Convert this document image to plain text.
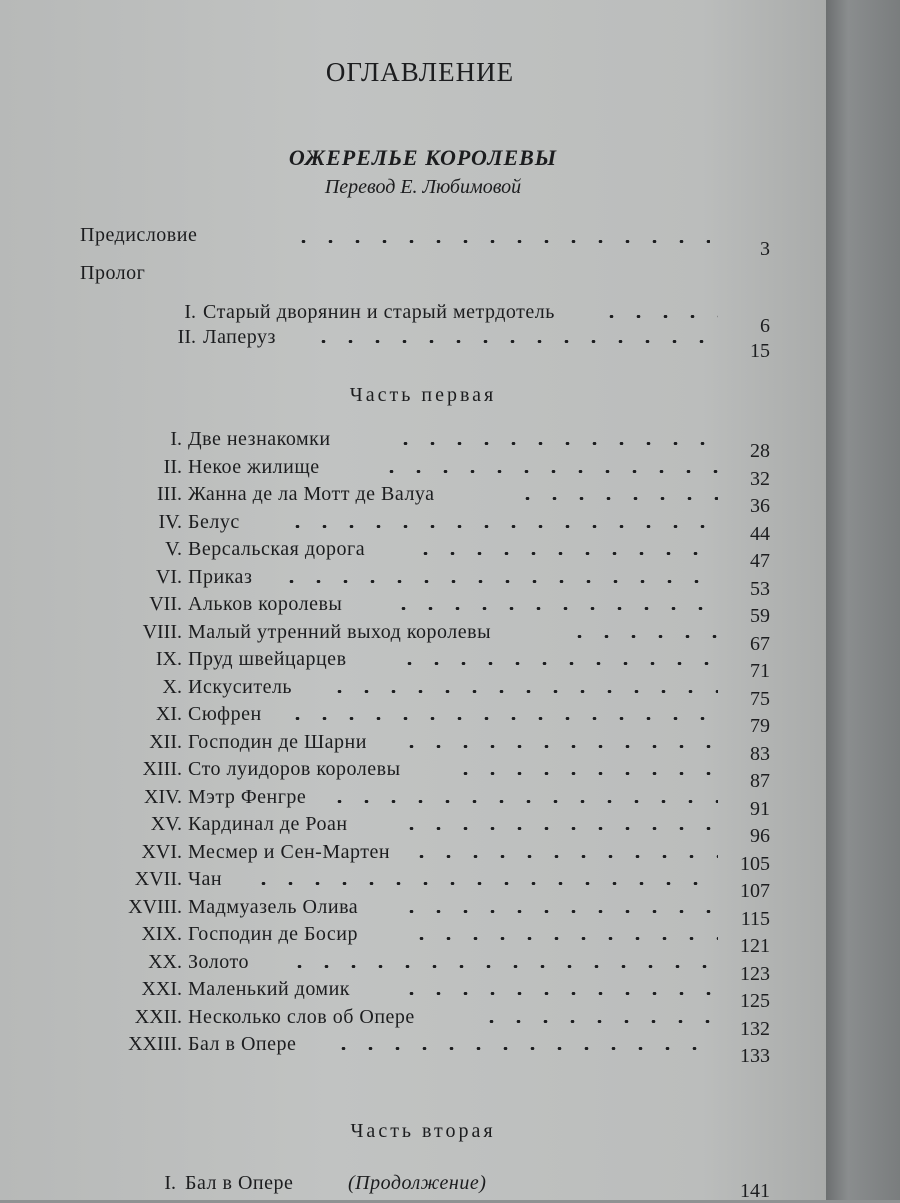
ОГЛАВЛЕНИЕ
ОЖЕРЕЛЬЕ КОРОЛЕВЫ
Перевод Е. Любимовой
Предисловие
3
Пролог
I. Старый дворянин и старый метрдотель
6
II. Лаперуз
15
Часть первая
I. Две незнакомки
28
II. Некое жилище
32
III. Жанна де ла Мотт де Валуа
36
IV. Белус
44
V. Версальская дорога
47
VI. Приказ
53
VII. Альков королевы
59
VIII. Малый утренний выход королевы
67
IX. Пруд швейцарцев
71
X. Искуситель
75
XI. Сюфрен
79
XII. Господин де Шарни
83
XIII. Сто луидоров королевы
87
XIV. Мэтр Фенгре
91
XV. Кардинал де Роан
96
XVI. Месмер и Сен-Мартен
105
XVII. Чан
107
XVIII. Мадмуазель Олива
115
XIX. Господин де Босир
121
XX. Золото
123
XXI. Маленький домик
125
XXII. Несколько слов об Опере
132
XXIII. Бал в Опере
133
Часть вторая
I. Бал в Опере	(Продолжение)	141
